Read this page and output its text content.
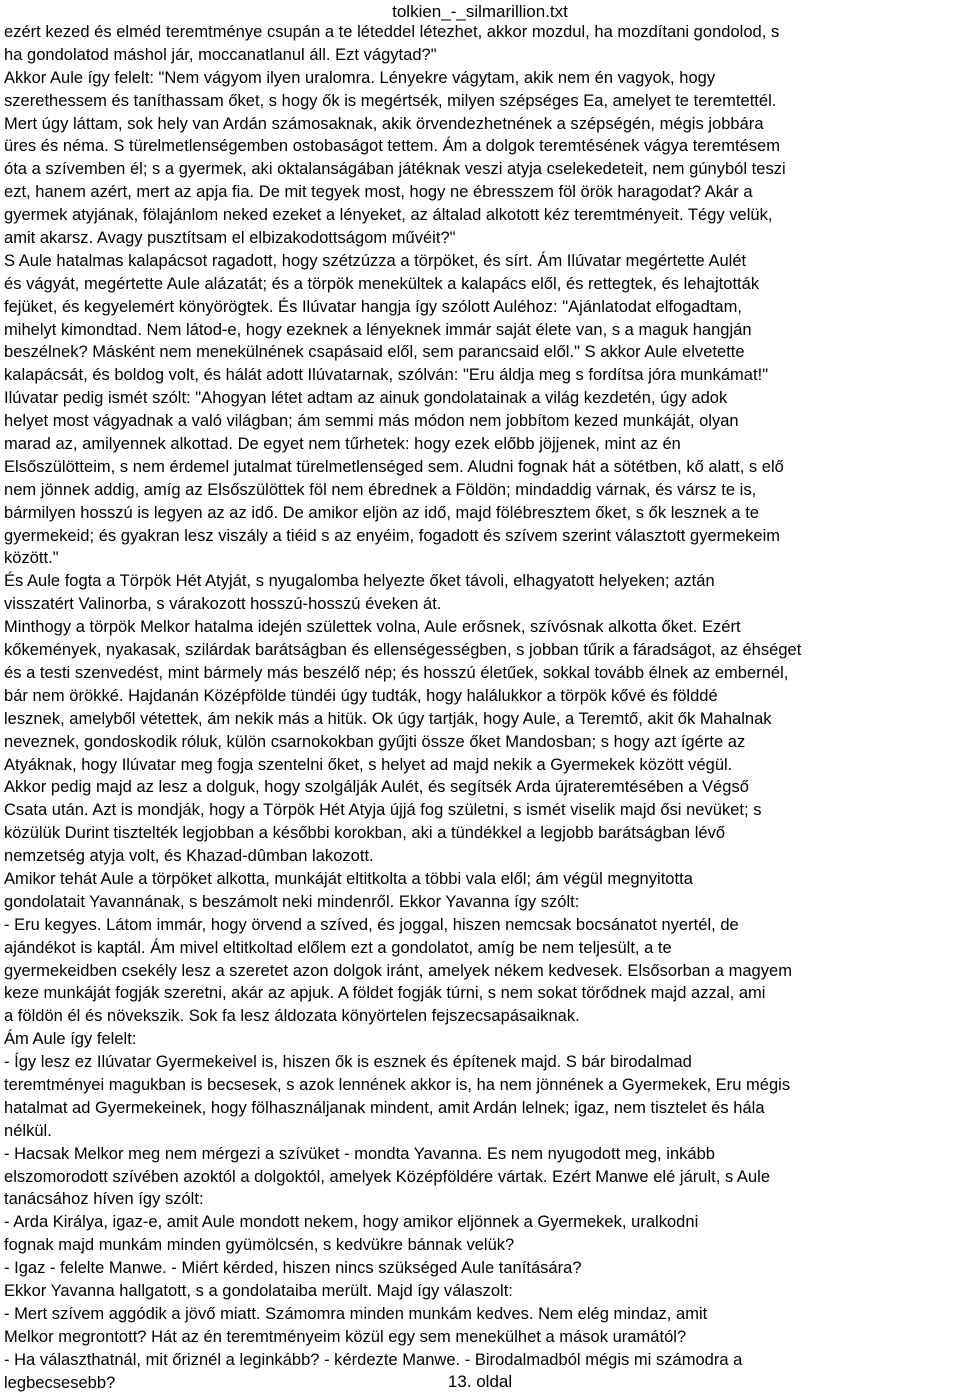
tolkien_-_silmarillion.txt
ezért kezed és elméd teremtménye csupán a te léteddel létezhet, akkor mozdul, ha mozdítani gondolod, s
ha gondolatod máshol jár, moccanatlanul áll. Ezt vágytad?"
Akkor Aule így felelt: "Nem vágyom ilyen uralomra. Lényekre vágytam, akik nem én vagyok, hogy
szerethessem és taníthassam őket, s hogy ők is megértsék, milyen szépséges Ea, amelyet te teremtettél.
Mert úgy láttam, sok hely van Ardán számosaknak, akik örvendezhetnének a szépségén, mégis jobbára
üres és néma. S türelmetlenségemben ostobaságot tettem. Ám a dolgok teremtésének vágya teremtésem
óta a szívemben él; s a gyermek, aki oktalanságában játéknak veszi atyja cselekedeteit, nem gúnyból teszi
ezt, hanem azért, mert az apja fia. De mit tegyek most, hogy ne ébresszem föl örök haragodat? Akár a
gyermek atyjának, fölajánlom neked ezeket a lényeket, az általad alkotott kéz teremtményeit. Tégy velük,
amit akarsz. Avagy pusztítsam el elbizakodottságom művéit?"
S Aule hatalmas kalapácsot ragadott, hogy szétzúzza a törpöket, és sírt. Ám Ilúvatar megértette Aulét
és vágyát, megértette Aule alázatát; és a törpök menekültek a kalapács elől, és rettegtek, és lehajtották
fejüket, és kegyelemért könyörögtek. És Ilúvatar hangja így szólott Auléhoz: "Ajánlatodat elfogadtam,
mihelyt kimondtad. Nem látod-e, hogy ezeknek a lényeknek immár saját élete van, s a maguk hangján
beszélnek? Másként nem menekülnének csapásaid elől, sem parancsaid elől." S akkor Aule elvetette
kalapácsát, és boldog volt, és hálát adott Ilúvatarnak, szólván: "Eru áldja meg s fordítsa jóra munkámat!"
Ilúvatar pedig ismét szólt: "Ahogyan létet adtam az ainuk gondolatainak a világ kezdetén, úgy adok
helyet most vágyadnak a való világban; ám semmi más módon nem jobbítom kezed munkáját, olyan
marad az, amilyennek alkottad. De egyet nem tűrhetek: hogy ezek előbb jöjjenek, mint az én
Elsőszülötteim, s nem érdemel jutalmat türelmetlenséged sem. Aludni fognak hát a sötétben, kő alatt, s elő
nem jönnek addig, amíg az Elsőszülöttek föl nem ébrednek a Földön; mindaddig várnak, és vársz te is,
bármilyen hosszú is legyen az az idő. De amikor eljön az idő, majd fölébresztem őket, s ők lesznek a te
gyermekeid; és gyakran lesz viszály a tiéid s az enyéim, fogadott és szívem szerint választott gyermekeim
között."
És Aule fogta a Törpök Hét Atyját, s nyugalomba helyezte őket távoli, elhagyatott helyeken; aztán
visszatért Valinorba, s várakozott hosszú-hosszú éveken át.
Minthogy a törpök Melkor hatalma idején születtek volna, Aule erősnek, szívósnak alkotta őket. Ezért
kőkemények, nyakasak, szilárdak barátságban és ellenségességben, s jobban tűrik a fáradságot, az éhséget
és a testi szenvedést, mint bármely más beszélő nép; és hosszú életűek, sokkal tovább élnek az embernél,
bár nem örökké. Hajdanán Középfölde tündéi úgy tudták, hogy halálukkor a törpök kővé és földdé
lesznek, amelyből vétettek, ám nekik más a hitük. Ok úgy tartják, hogy Aule, a Teremtő, akit ők Mahalnak
neveznek, gondoskodik róluk, külön csarnokokban gyűjti össze őket Mandosban; s hogy azt ígérte az
Atyáknak, hogy Ilúvatar meg fogja szentelni őket, s helyet ad majd nekik a Gyermekek között végül.
Akkor pedig majd az lesz a dolguk, hogy szolgálják Aulét, és segítsék Arda újrateremtésében a Végső
Csata után. Azt is mondják, hogy a Törpök Hét Atyja újjá fog születni, s ismét viselik majd ősi nevüket; s
közülük Durint tisztelték legjobban a későbbi korokban, aki a tündékkel a legjobb barátságban lévő
nemzetség atyja volt, és Khazad-dûmban lakozott.
Amikor tehát Aule a törpöket alkotta, munkáját eltitkolta a többi vala elől; ám végül megnyitotta
gondolatait Yavannának, s beszámolt neki mindenről. Ekkor Yavanna így szólt:
- Eru kegyes. Látom immár, hogy örvend a szíved, és joggal, hiszen nemcsak bocsánatot nyertél, de
ajándékot is kaptál. Ám mivel eltitkoltad előlem ezt a gondolatot, amíg be nem teljesült, a te
gyermekeidben csekély lesz a szeretet azon dolgok iránt, amelyek nékem kedvesek. Elsősorban a magyem
keze munkáját fogják szeretni, akár az apjuk. A földet fogják túrni, s nem sokat törődnek majd azzal, ami
a földön él és növekszik. Sok fa lesz áldozata könyörtelen fejszecsapásaiknak.
Ám Aule így felelt:
- Így lesz ez Ilúvatar Gyermekeivel is, hiszen ők is esznek és építenek majd. S bár birodalmad
teremtményei magukban is becsesek, s azok lennének akkor is, ha nem jönnének a Gyermekek, Eru mégis
hatalmat ad Gyermekeinek, hogy fölhasználjanak mindent, amit Ardán lelnek; igaz, nem tisztelet és hála
nélkül.
- Hacsak Melkor meg nem mérgezi a szívüket - mondta Yavanna. Es nem nyugodott meg, inkább
elszomorodott szívében azoktól a dolgoktól, amelyek Középföldére vártak. Ezért Manwe elé járult, s Aule
tanácsához híven így szólt:
- Arda Királya, igaz-e, amit Aule mondott nekem, hogy amikor eljönnek a Gyermekek, uralkodni
fognak majd munkám minden gyümölcsén, s kedvükre bánnak velük?
- Igaz - felelte Manwe. - Miért kérded, hiszen nincs szükséged Aule tanítására?
Ekkor Yavanna hallgatott, s a gondolataiba merült. Majd így válaszolt:
- Mert szívem aggódik a jövő miatt. Számomra minden munkám kedves. Nem elég mindaz, amit
Melkor megrontott? Hát az én teremtményeim közül egy sem menekülhet a mások uramától?
- Ha választhatnál, mit őriznél a leginkább? - kérdezte Manwe. - Birodalmadból mégis mi számodra a
legbecsesebb?	13. oldal
